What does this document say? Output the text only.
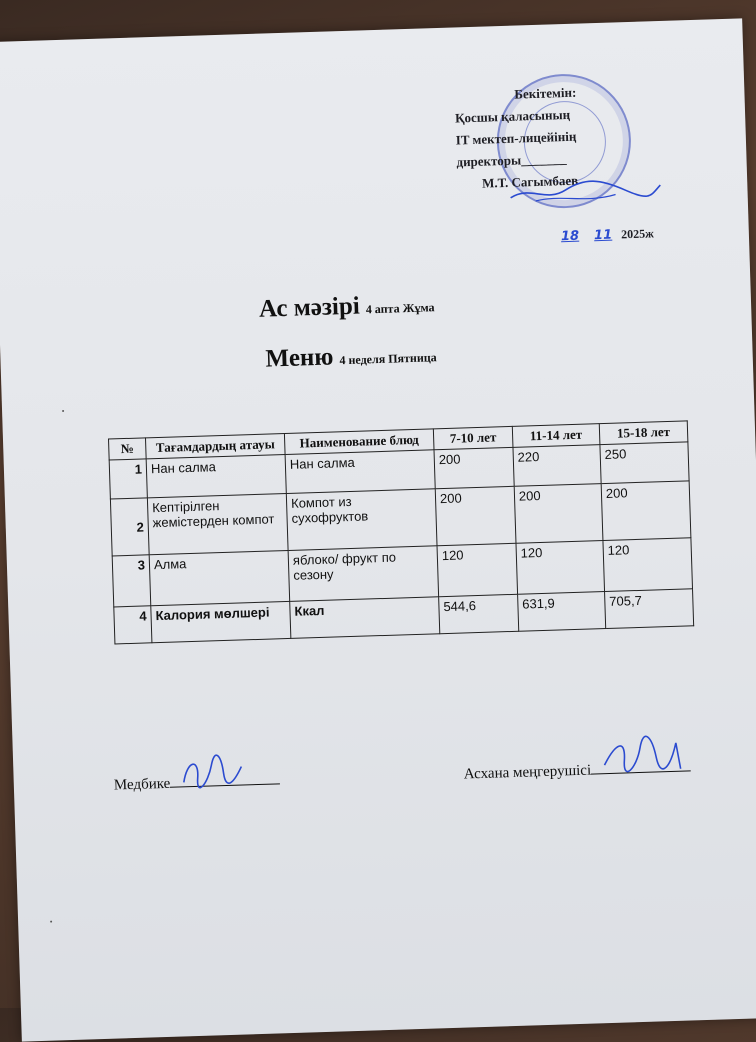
Бекітемін:
Қосшы қаласының
IT мектеп-лицейінің
директоры_______
М.Т. Сагымбаев
18 11 2025ж
Ас мәзірі 4 апта Жұма
Меню 4 неделя Пятница
№	Тағамдардың атауы	Наименование блюд	7-10 лет	11-14 лет	15-18 лет
1	Нан салма	Нан салма	200	220	250
2	Кептірілген жемістерден компот	Компот из сухофруктов	200	200	200
3	Алма	яблоко/ фрукт по сезону	120	120	120
4	Калория мөлшері	Ккал	544,6	631,9	705,7
Медбике
Асхана меңгерушісі
